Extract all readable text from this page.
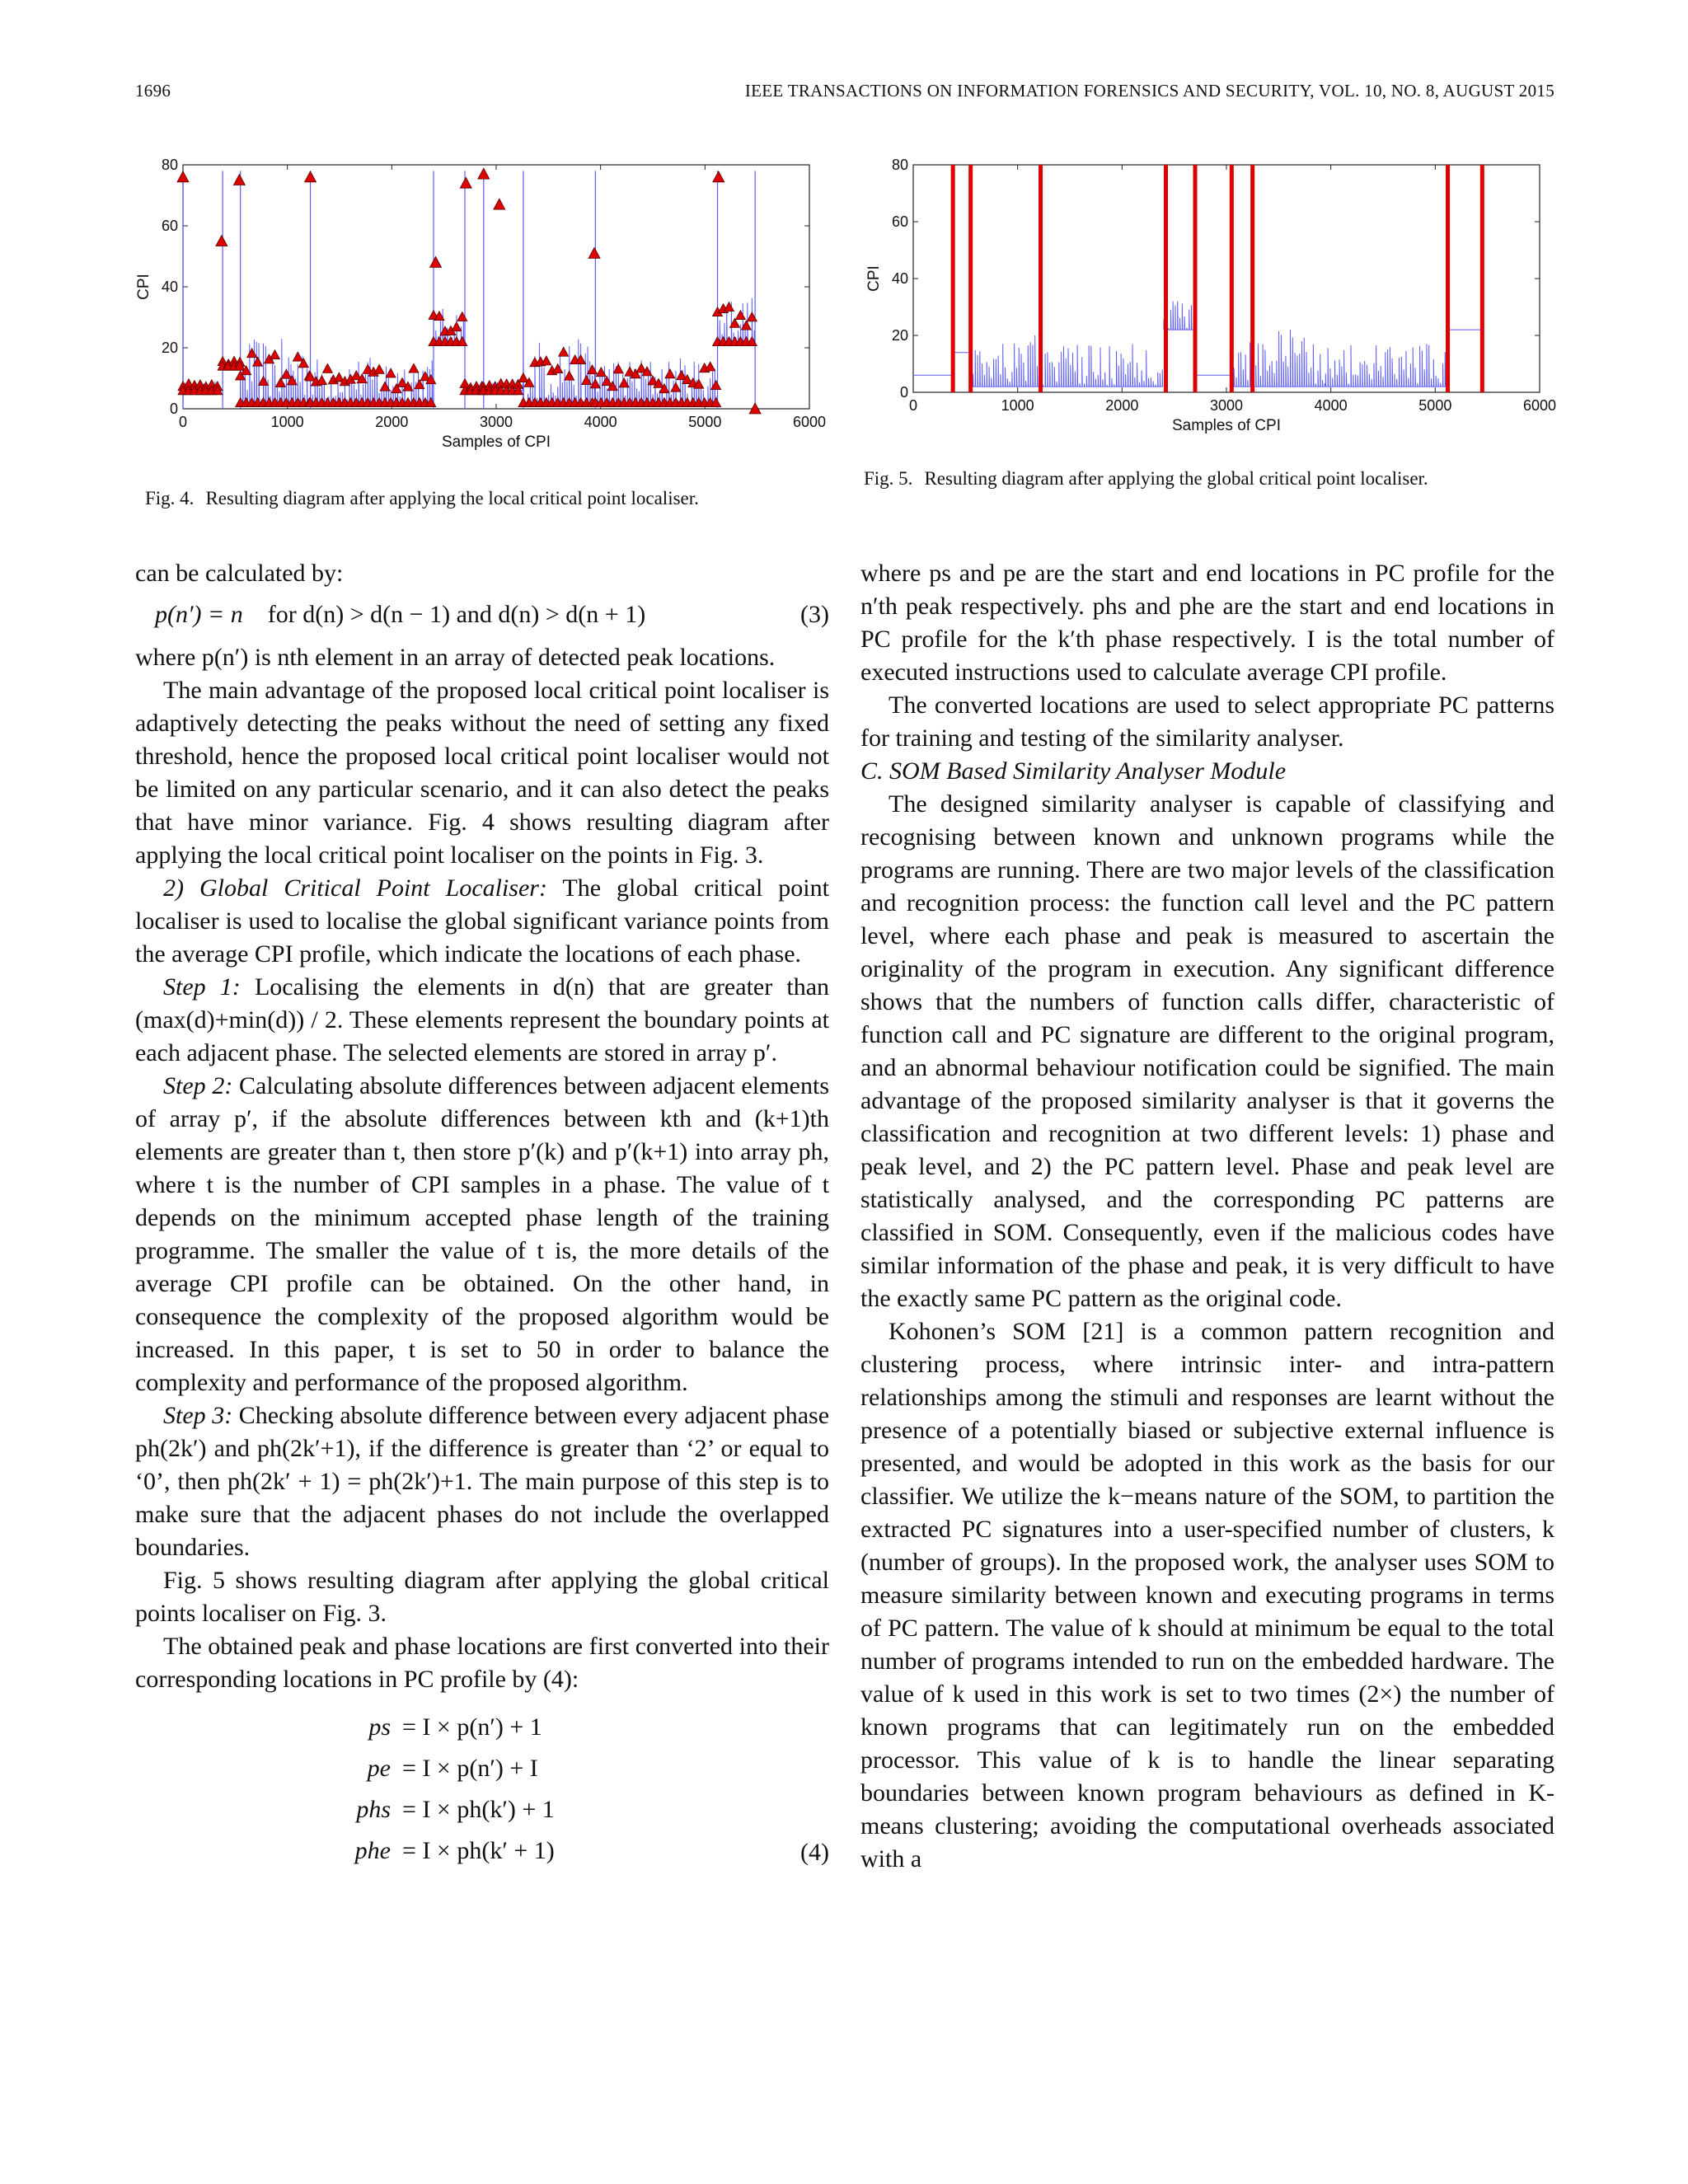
1696	IEEE TRANSACTIONS ON INFORMATION FORENSICS AND SECURITY, VOL. 10, NO. 8, AUGUST 2015
0	1000	2000	3000	4000	5000	6000
0
20
40
60
80
Samples of CPI
CPI
Fig. 4. Resulting diagram after applying the local critical point localiser.
0	1000	2000	3000	4000	5000	6000
0
20
40
60
80
Samples of CPI
CPI
Fig. 5. Resulting diagram after applying the global critical point localiser.

can be calculated by:

p(n′) = n for d(n) > d(n − 1) and d(n) > d(n + 1)	(3)

where p(n′) is nth element in an array of detected peak locations.

The main advantage of the proposed local critical point localiser is adaptively detecting the peaks without the need of setting any fixed threshold, hence the proposed local critical point localiser would not be limited on any particular scenario, and it can also detect the peaks that have minor variance. Fig. 4 shows resulting diagram after applying the local critical point localiser on the points in Fig. 3.

2) Global Critical Point Localiser: The global critical point localiser is used to localise the global significant variance points from the average CPI profile, which indicate the locations of each phase.

Step 1: Localising the elements in d(n) that are greater than (max(d)+min(d)) / 2. These elements represent the boundary points at each adjacent phase. The selected elements are stored in array p′.

Step 2: Calculating absolute differences between adjacent elements of array p′, if the absolute differences between kth and (k+1)th elements are greater than t, then store p′(k) and p′(k+1) into array ph, where t is the number of CPI samples in a phase. The value of t depends on the minimum accepted phase length of the training programme. The smaller the value of t is, the more details of the average CPI profile can be obtained. On the other hand, in consequence the complexity of the proposed algorithm would be increased. In this paper, t is set to 50 in order to balance the complexity and performance of the proposed algorithm.

Step 3: Checking absolute difference between every adjacent phase ph(2k′) and ph(2k′+1), if the difference is greater than ‘2’ or equal to ‘0’, then ph(2k′ + 1) = ph(2k′)+1. The main purpose of this step is to make sure that the adjacent phases do not include the overlapped boundaries.

Fig. 5 shows resulting diagram after applying the global critical points localiser on Fig. 3.

The obtained peak and phase locations are first converted into their corresponding locations in PC profile by (4):

ps = I × p(n′) + 1
pe = I × p(n′) + I
phs = I × ph(k′) + 1
phe = I × ph(k′ + 1)	(4)

where ps and pe are the start and end locations in PC profile for the n′th peak respectively. phs and phe are the start and end locations in PC profile for the k′th phase respectively. I is the total number of executed instructions used to calculate average CPI profile.

The converted locations are used to select appropriate PC patterns for training and testing of the similarity analyser.

C. SOM Based Similarity Analyser Module

The designed similarity analyser is capable of classifying and recognising between known and unknown programs while the programs are running. There are two major levels of the classification and recognition process: the function call level and the PC pattern level, where each phase and peak is measured to ascertain the originality of the program in execution. Any significant difference shows that the numbers of function calls differ, characteristic of function call and PC signature are different to the original program, and an abnormal behaviour notification could be signified. The main advantage of the proposed similarity analyser is that it governs the classification and recognition at two different levels: 1) phase and peak level, and 2) the PC pattern level. Phase and peak level are statistically analysed, and the corresponding PC patterns are classified in SOM. Consequently, even if the malicious codes have similar information of the phase and peak, it is very difficult to have the exactly same PC pattern as the original code.

Kohonen’s SOM [21] is a common pattern recognition and clustering process, where intrinsic inter- and intra-pattern relationships among the stimuli and responses are learnt without the presence of a potentially biased or subjective external influence is presented, and would be adopted in this work as the basis for our classifier. We utilize the k−means nature of the SOM, to partition the extracted PC signatures into a user-specified number of clusters, k (number of groups). In the proposed work, the analyser uses SOM to measure similarity between known and executing programs in terms of PC pattern. The value of k should at minimum be equal to the total number of programs intended to run on the embedded hardware. The value of k used in this work is set to two times (2×) the number of known programs that can legitimately run on the embedded processor. This value of k is to handle the linear separating boundaries between known program behaviours as defined in K-means clustering; avoiding the computational overheads associated with a
